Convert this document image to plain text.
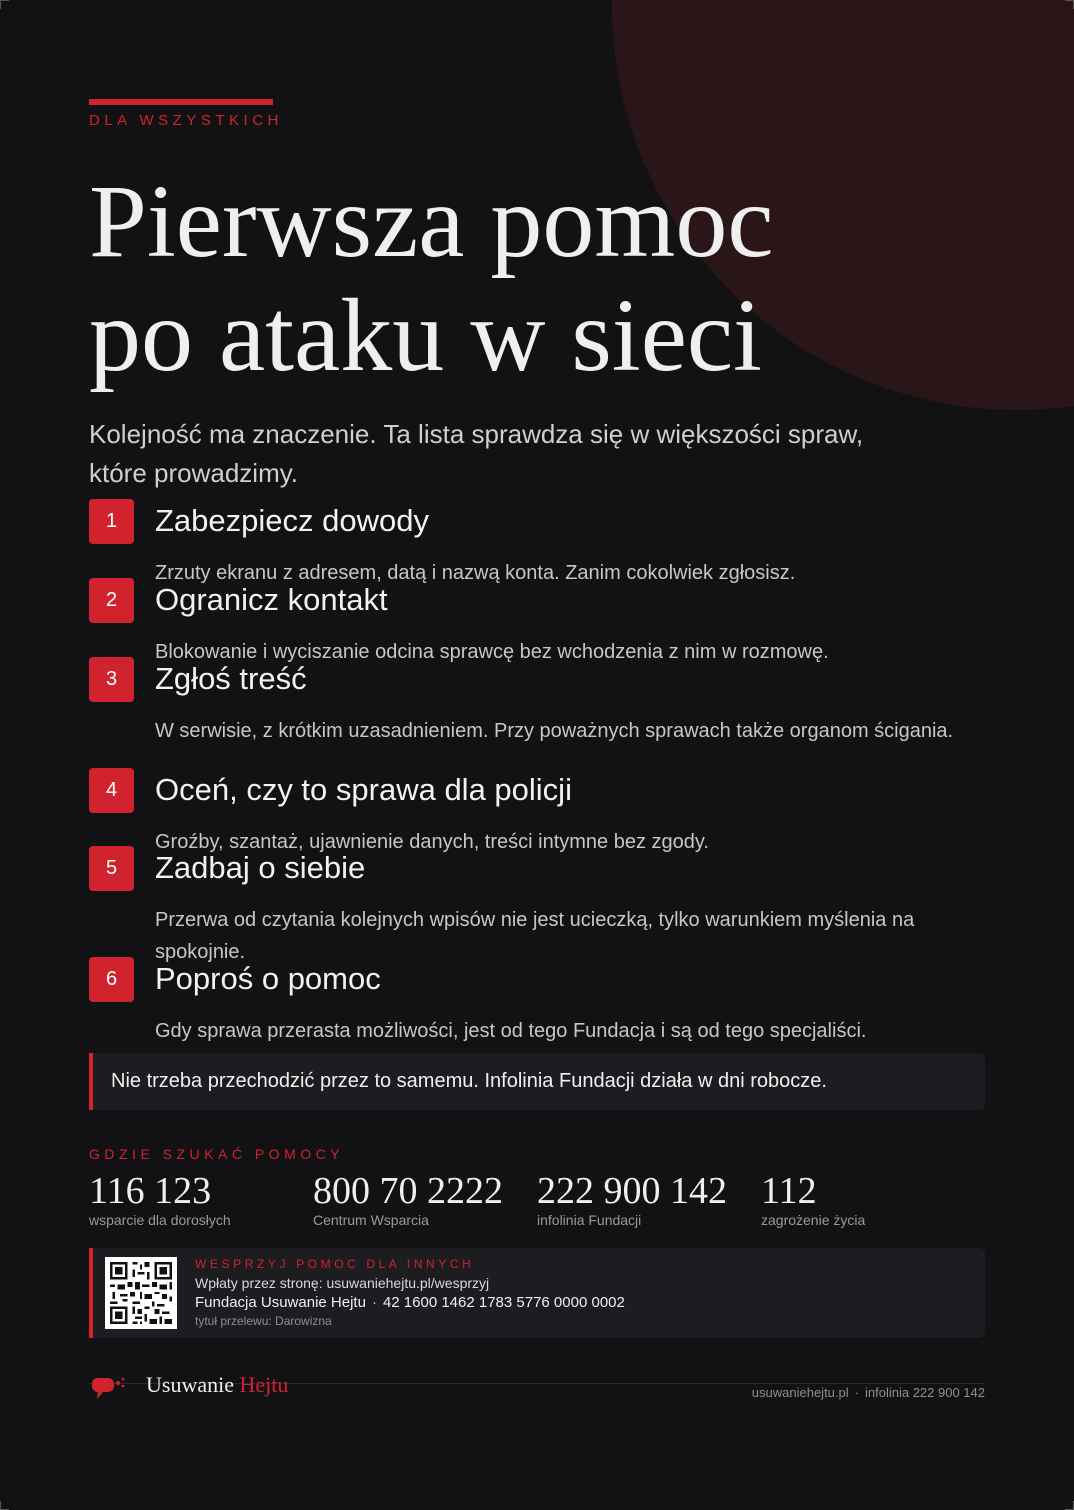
DLA WSZYSTKICH
Pierwsza pomoc
po ataku w sieci
Kolejność ma znaczenie. Ta lista sprawdza się w większości spraw, które prowadzimy.
1	Zabezpiecz dowody
Zrzuty ekranu z adresem, datą i nazwą konta. Zanim cokolwiek zgłosisz.
2	Ogranicz kontakt
Blokowanie i wyciszanie odcina sprawcę bez wchodzenia z nim w rozmowę.
3	Zgłoś treść
W serwisie, z krótkim uzasadnieniem. Przy poważnych sprawach także organom ścigania.
4	Oceń, czy to sprawa dla policji
Groźby, szantaż, ujawnienie danych, treści intymne bez zgody.
5	Zadbaj o siebie
Przerwa od czytania kolejnych wpisów nie jest ucieczką, tylko warunkiem myślenia na spokojnie.
6	Poproś o pomoc
Gdy sprawa przerasta możliwości, jest od tego Fundacja i są od tego specjaliści.
Nie trzeba przechodzić przez to samemu. Infolinia Fundacji działa w dni robocze.
GDZIE SZUKAĆ POMOCY
116 123
wsparcie dla dorosłych
800 70 2222
Centrum Wsparcia
222 900 142
infolinia Fundacji
112
zagrożenie życia
WESPRZYJ POMOC DLA INNYCH
Wpłaty przez stronę: usuwaniehejtu.pl/wesprzyj
Fundacja Usuwanie Hejtu · 42 1600 1462 1783 5776 0000 0002
tytuł przelewu: Darowizna
Usuwanie Hejtu	usuwaniehejtu.pl · infolinia 222 900 142
